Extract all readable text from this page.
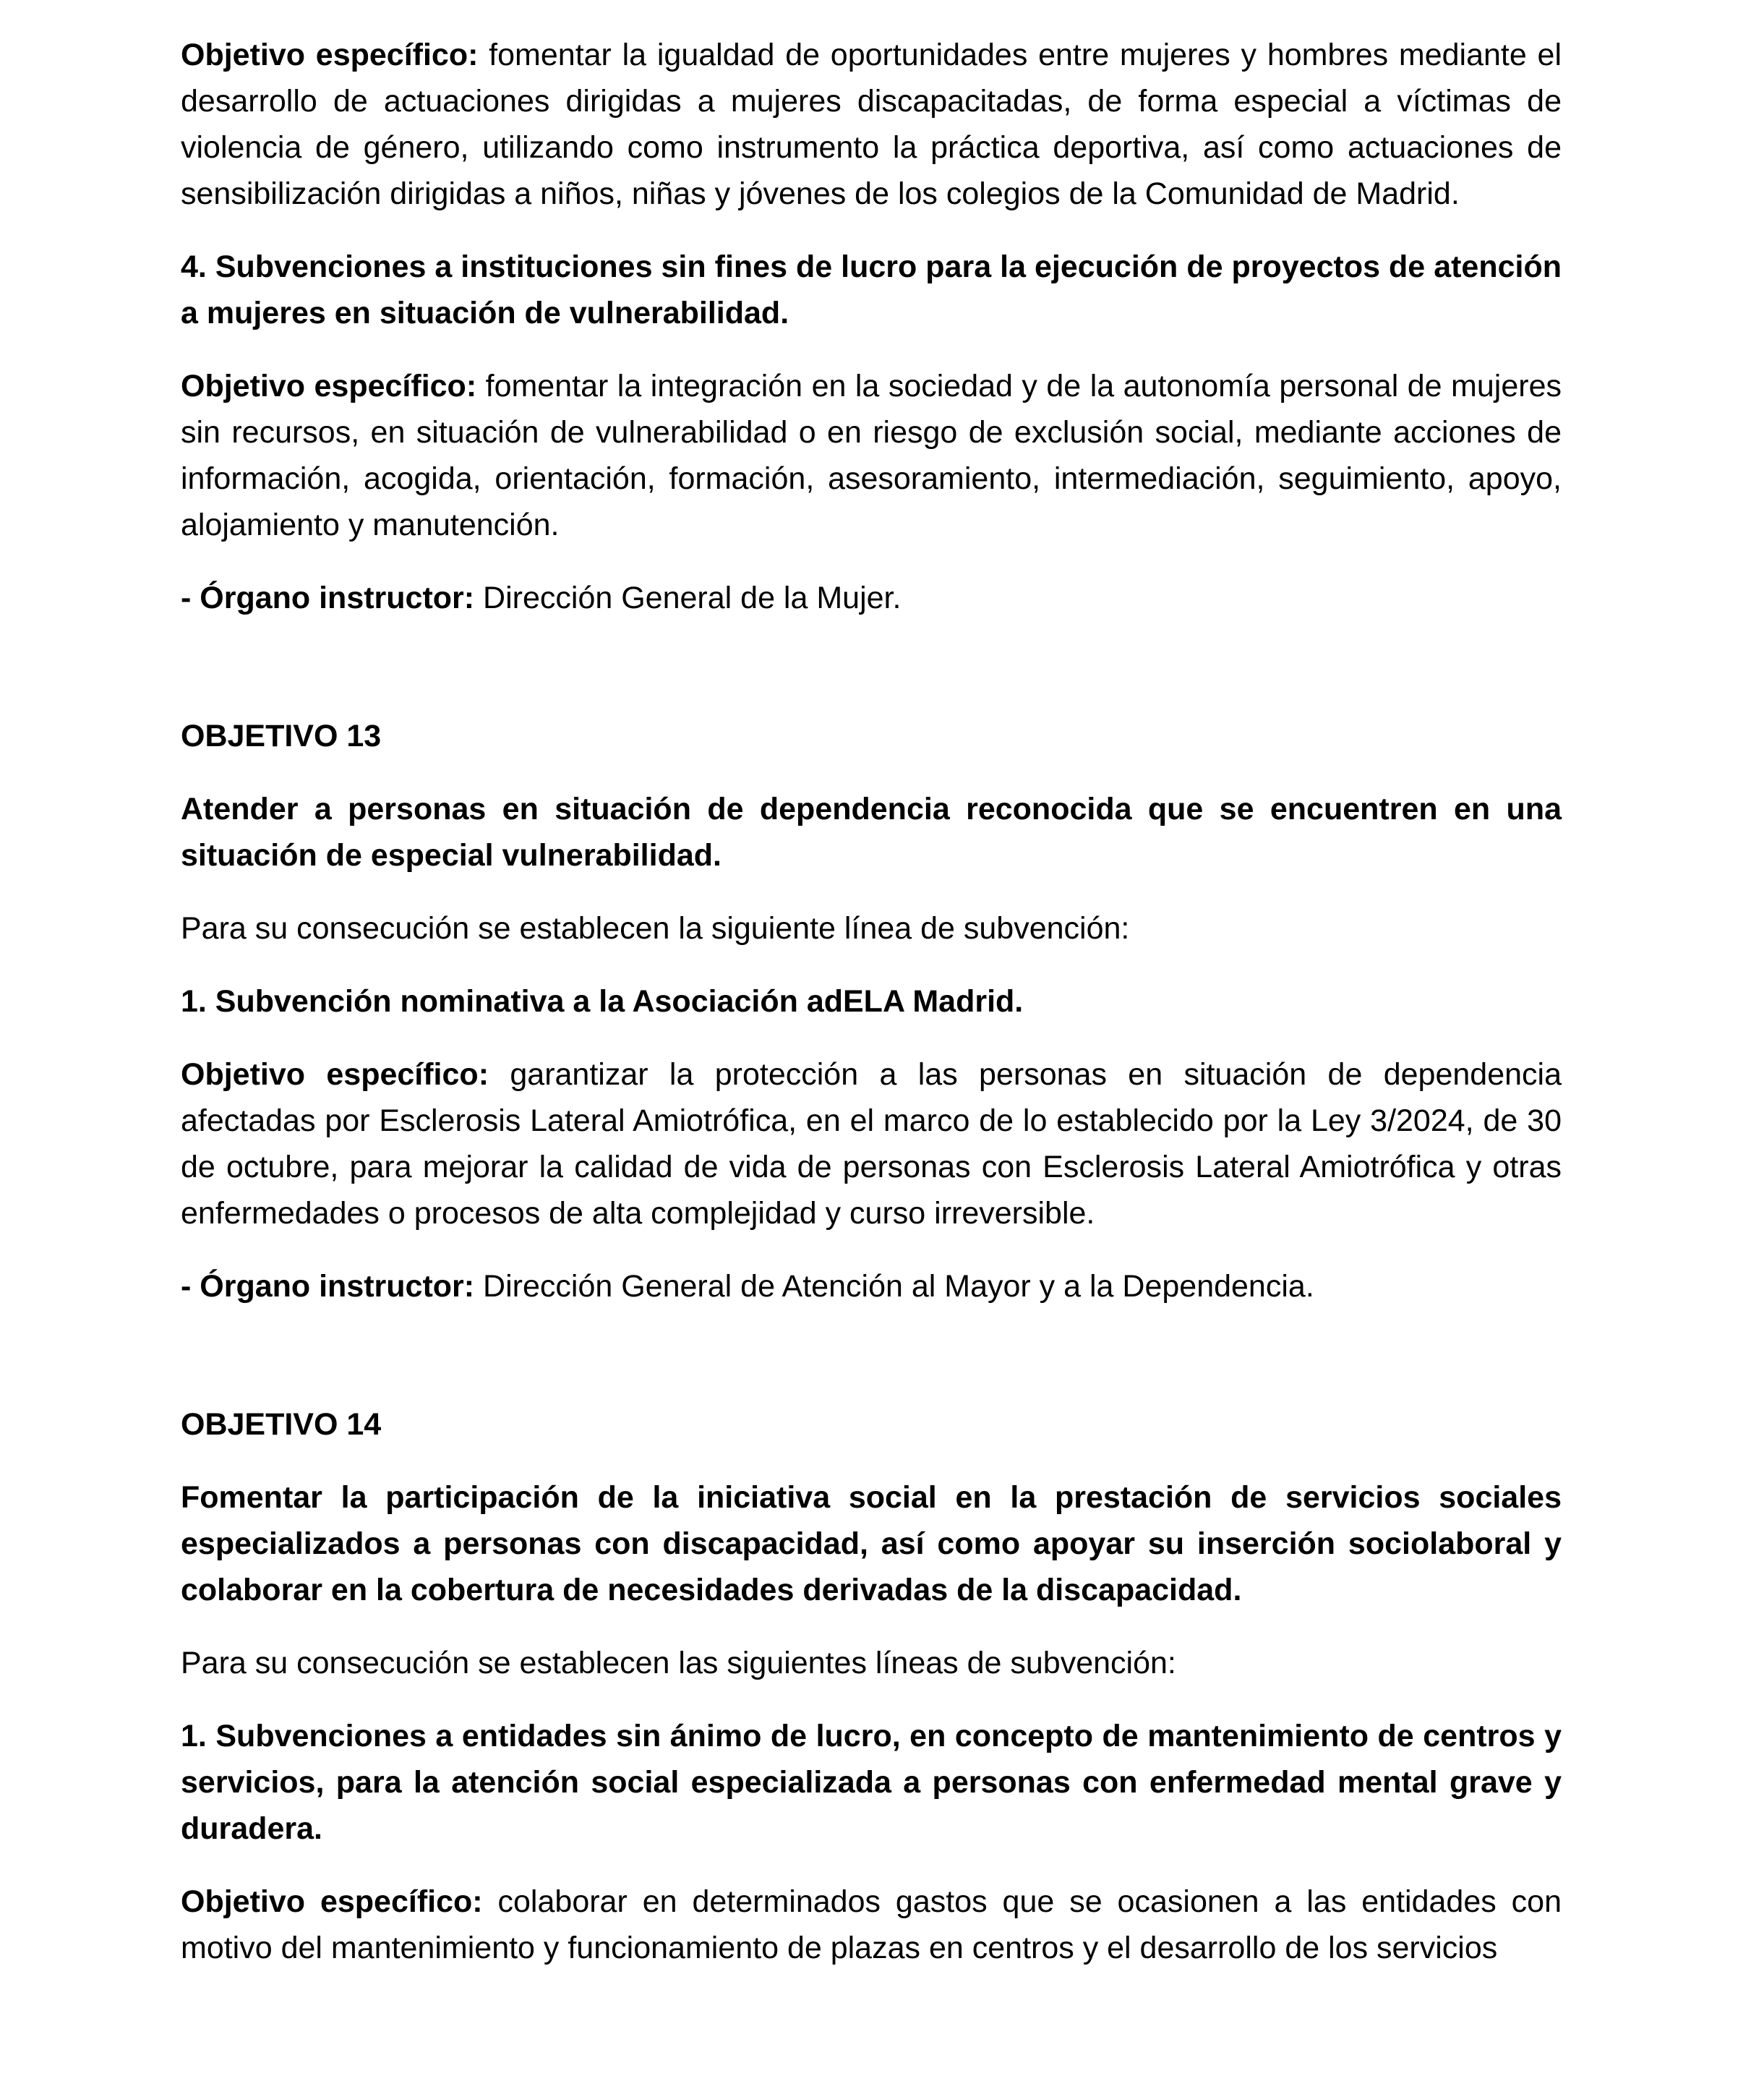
Objetivo específico: fomentar la igualdad de oportunidades entre mujeres y hombres mediante el desarrollo de actuaciones dirigidas a mujeres discapacitadas, de forma especial a víctimas de violencia de género, utilizando como instrumento la práctica deportiva, así como actuaciones de sensibilización dirigidas a niños, niñas y jóvenes de los colegios de la Comunidad de Madrid.

4. Subvenciones a instituciones sin fines de lucro para la ejecución de proyectos de atención a mujeres en situación de vulnerabilidad.

Objetivo específico: fomentar la integración en la sociedad y de la autonomía personal de mujeres sin recursos, en situación de vulnerabilidad o en riesgo de exclusión social, mediante acciones de información, acogida, orientación, formación, asesoramiento, intermediación, seguimiento, apoyo, alojamiento y manutención.

- Órgano instructor: Dirección General de la Mujer.

OBJETIVO 13

Atender a personas en situación de dependencia reconocida que se encuentren en una situación de especial vulnerabilidad.

Para su consecución se establecen la siguiente línea de subvención:

1. Subvención nominativa a la Asociación adELA Madrid.

Objetivo específico: garantizar la protección a las personas en situación de dependencia afectadas por Esclerosis Lateral Amiotrófica, en el marco de lo establecido por la Ley 3/2024, de 30 de octubre, para mejorar la calidad de vida de personas con Esclerosis Lateral Amiotrófica y otras enfermedades o procesos de alta complejidad y curso irreversible.

- Órgano instructor: Dirección General de Atención al Mayor y a la Dependencia.

OBJETIVO 14

Fomentar la participación de la iniciativa social en la prestación de servicios sociales especializados a personas con discapacidad, así como apoyar su inserción sociolaboral y colaborar en la cobertura de necesidades derivadas de la discapacidad.

Para su consecución se establecen las siguientes líneas de subvención:

1. Subvenciones a entidades sin ánimo de lucro, en concepto de mantenimiento de centros y servicios, para la atención social especializada a personas con enfermedad mental grave y duradera.

Objetivo específico: colaborar en determinados gastos que se ocasionen a las entidades con motivo del mantenimiento y funcionamiento de plazas en centros y el desarrollo de los servicios
